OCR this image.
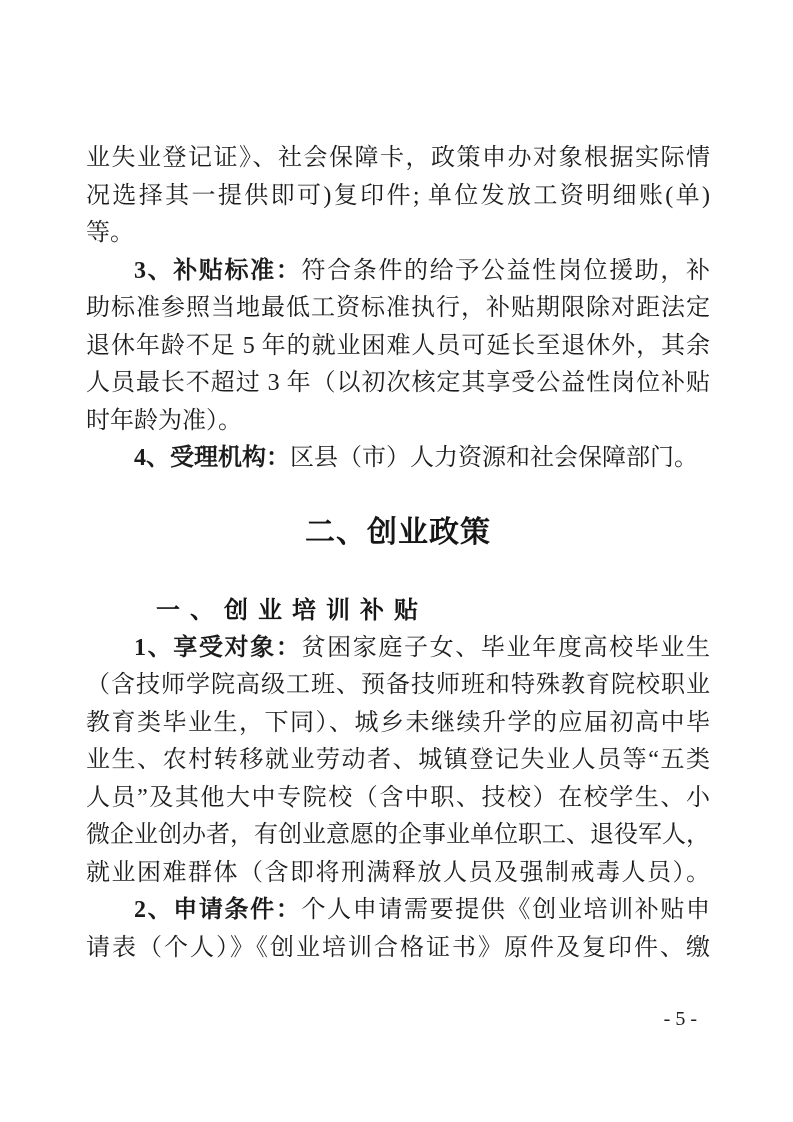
业失业登记证》、社会保障卡，政策申办对象根据实际情
况选择其一提供即可)复印件; 单位发放工资明细账(单)
等。

3、补贴标准：符合条件的给予公益性岗位援助，补
助标准参照当地最低工资标准执行，补贴期限除对距法定
退休年龄不足 5 年的就业困难人员可延长至退休外，其余
人员最长不超过 3 年（以初次核定其享受公益性岗位补贴
时年龄为准）。

4、受理机构：区县（市）人力资源和社会保障部门。

二、创业政策
一、创业培训补贴

1、享受对象：贫困家庭子女、毕业年度高校毕业生
（含技师学院高级工班、预备技师班和特殊教育院校职业
教育类毕业生，下同）、城乡未继续升学的应届初高中毕
业生、农村转移就业劳动者、城镇登记失业人员等“五类
人员”及其他大中专院校（含中职、技校）在校学生、小
微企业创办者，有创业意愿的企事业单位职工、退役军人，
就业困难群体（含即将刑满释放人员及强制戒毒人员）。

2、申请条件：个人申请需要提供《创业培训补贴申
请表（个人）》《创业培训合格证书》原件及复印件、缴

- 5 -
